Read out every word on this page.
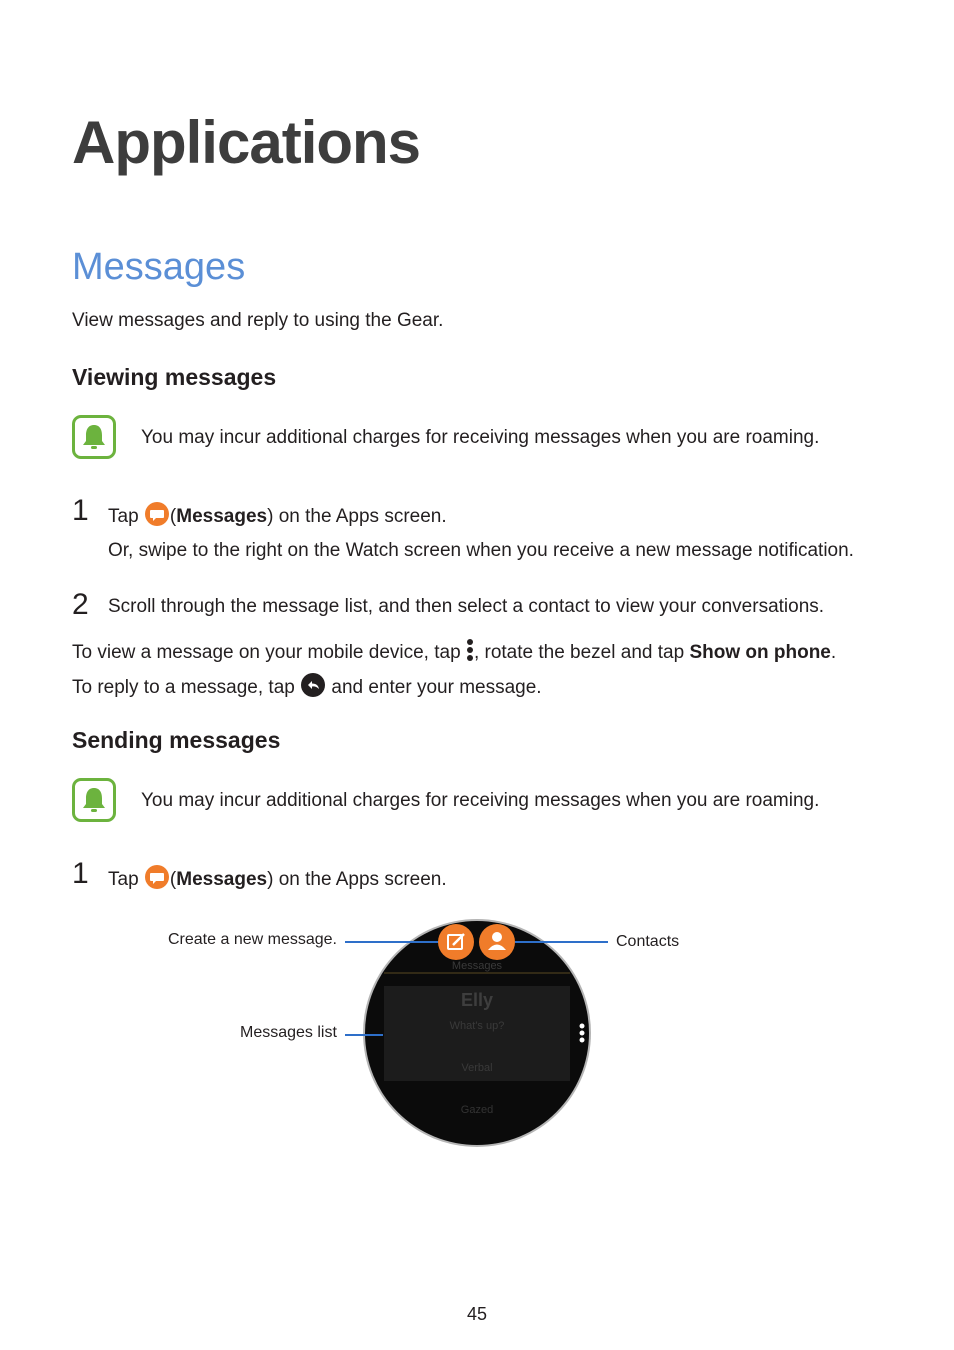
Applications
Messages
View messages and reply to using the Gear.
Viewing messages
You may incur additional charges for receiving messages when you are roaming.
1 Tap (Messages) on the Apps screen.
Or, swipe to the right on the Watch screen when you receive a new message notification.
2 Scroll through the message list, and then select a contact to view your conversations.
To view a message on your mobile device, tap , rotate the bezel and tap Show on phone.
To reply to a message, tap and enter your message.
Sending messages
You may incur additional charges for receiving messages when you are roaming.
1 Tap (Messages) on the Apps screen.
Messages
Elly
What's up?
Verbal
Gazed
Create a new message.	Contacts
Messages list
45
